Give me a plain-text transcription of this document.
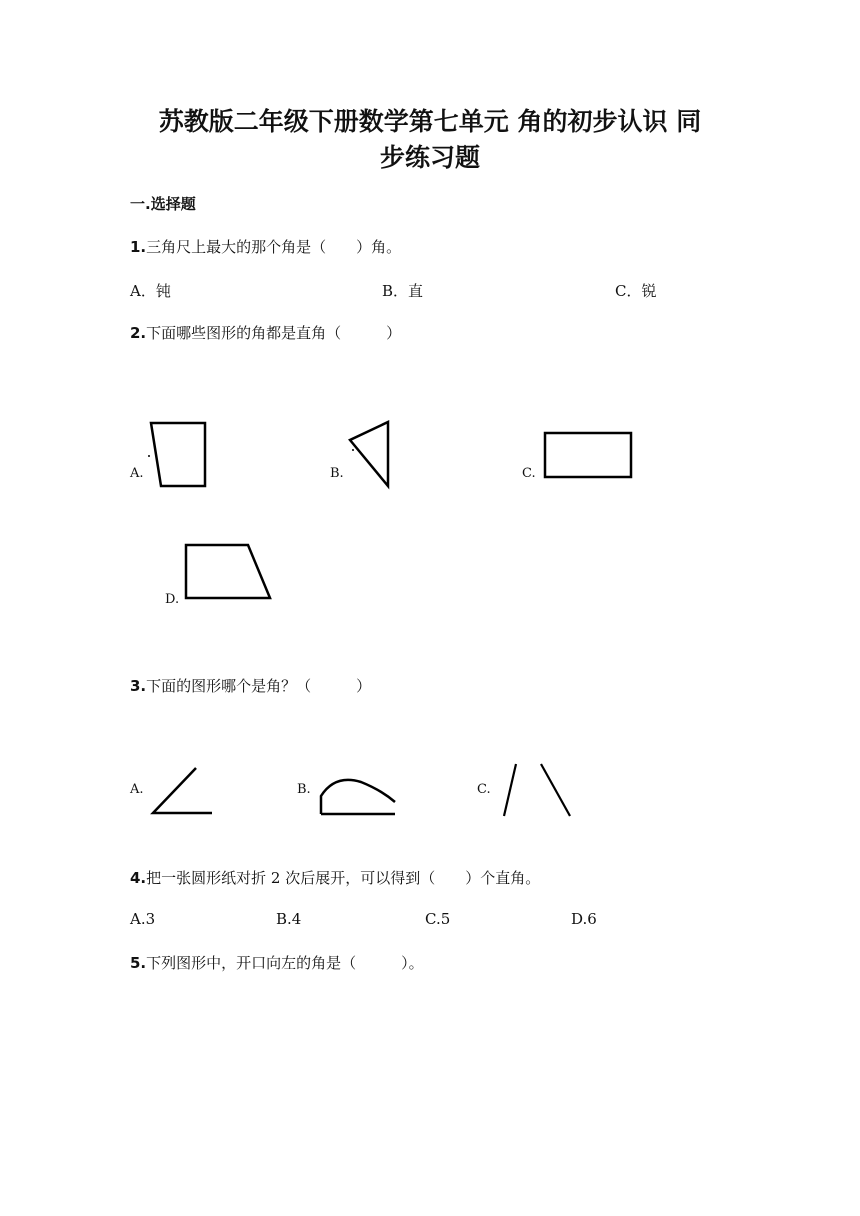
苏教版二年级下册数学第七单元 角的初步认识 同
步练习题
一.选择题
1.三角尺上最大的那个角是（　　）角。
A．钝	B．直	C．锐
2.下面哪些图形的角都是直角（　　　）
A.	B.	C.
D.
3.下面的图形哪个是角？（　　　）
A.	B.	C.
4.把一张圆形纸对折 2 次后展开，可以得到（　　）个直角。
A.3	B.4	C.5	D.6
5.下列图形中，开口向左的角是（　　　）。
